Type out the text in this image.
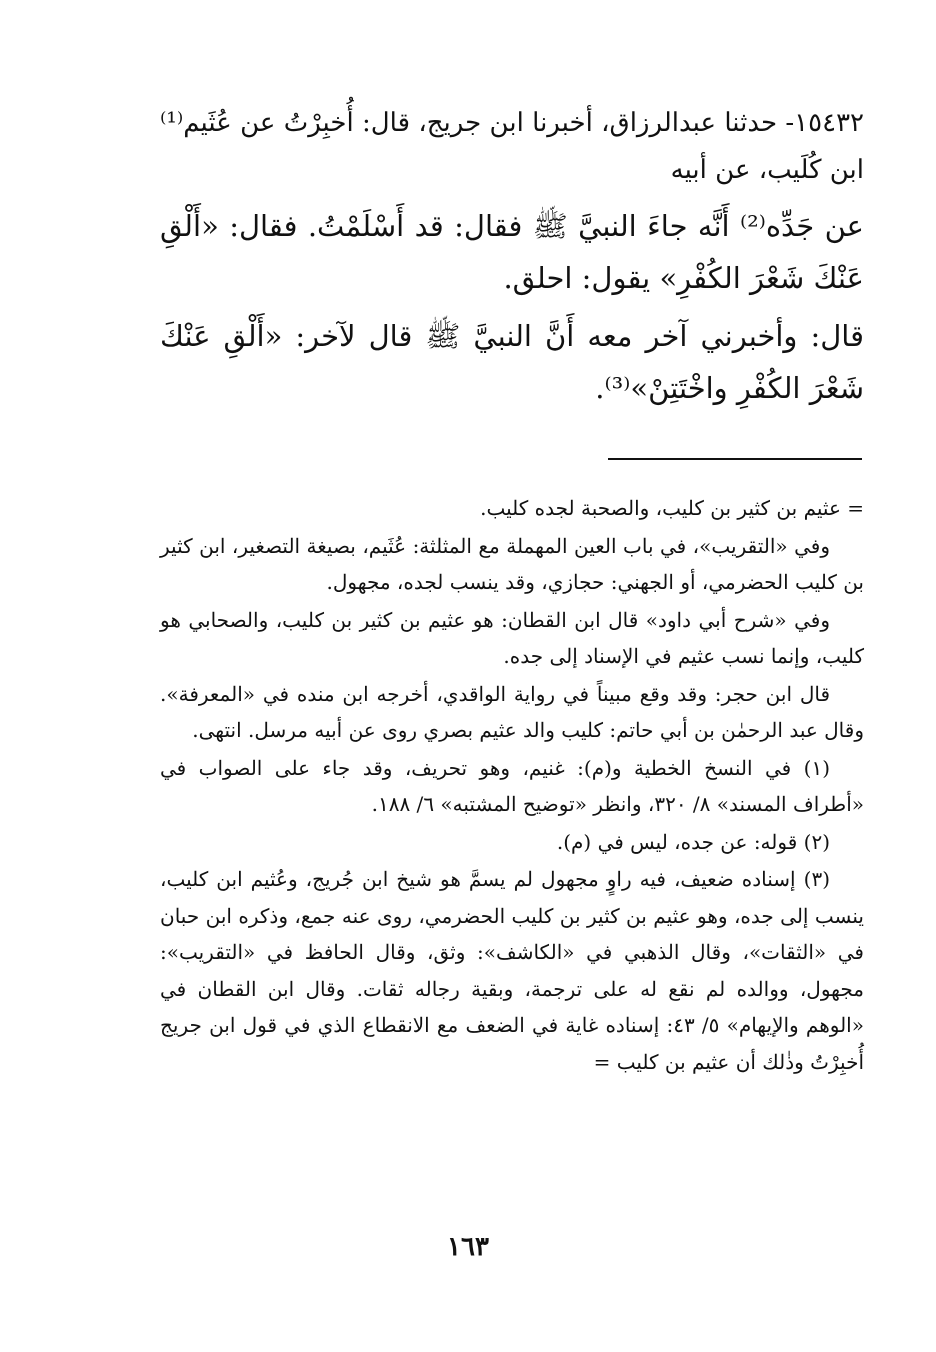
١٥٤٣٢- حدثنا عبدالرزاق، أخبرنا ابن جريج، قال: أُخبِرْتُ عن عُثَيم⁽¹⁾ ابن كُلَيب، عن أبيه

عن جَدِّه⁽²⁾ أَنَّه جاءَ النبيَّ ﷺ فقال: قد أَسْلَمْتُ. فقال: «أَلْقِ عَنْكَ شَعْرَ الكُفْرِ» يقول: احلق.

قال: وأخبرني آخر معه أَنَّ النبيَّ ﷺ قال لآخر: «أَلْقِ عَنْكَ شَعْرَ الكُفْرِ واخْتَتِنْ»⁽³⁾.

= عثيم بن كثير بن كليب، والصحبة لجده كليب.

وفي «التقريب»، في باب العين المهملة مع المثلثة: عُثَيم، بصيغة التصغير، ابن كثير بن كليب الحضرمي، أو الجهني: حجازي، وقد ينسب لجده، مجهول.

وفي «شرح أبي داود» قال ابن القطان: هو عثيم بن كثير بن كليب، والصحابي هو كليب، وإنما نسب عثيم في الإسناد إلى جده.

قال ابن حجر: وقد وقع مبيناً في رواية الواقدي، أخرجه ابن منده في «المعرفة». وقال عبد الرحمٰن بن أبي حاتم: كليب والد عثيم بصري روى عن أبيه مرسل. انتهى.

(١) في النسخ الخطية و(م): غنيم، وهو تحريف، وقد جاء على الصواب في «أطراف المسند» ٨/ ٣٢٠، وانظر «توضيح المشتبه» ٦/ ١٨٨.

(٢) قوله: عن جده، ليس في (م).

(٣) إسناده ضعيف، فيه راوٍ مجهول لم يسمَّ هو شيخ ابن جُريج، وعُثيم ابن كليب، ينسب إلى جده، وهو عثيم بن كثير بن كليب الحضرمي، روى عنه جمع، وذكره ابن حبان في «الثقات»، وقال الذهبي في «الكاشف»: وثق، وقال الحافظ في «التقريب»: مجهول، ووالده لم نقع له على ترجمة، وبقية رجاله ثقات. وقال ابن القطان في «الوهم والإيهام» ٥/ ٤٣: إسناده غاية في الضعف مع الانقطاع الذي في قول ابن جريج أُخبِرْتُ وذٰلك أن عثيم بن كليب =

١٦٣
